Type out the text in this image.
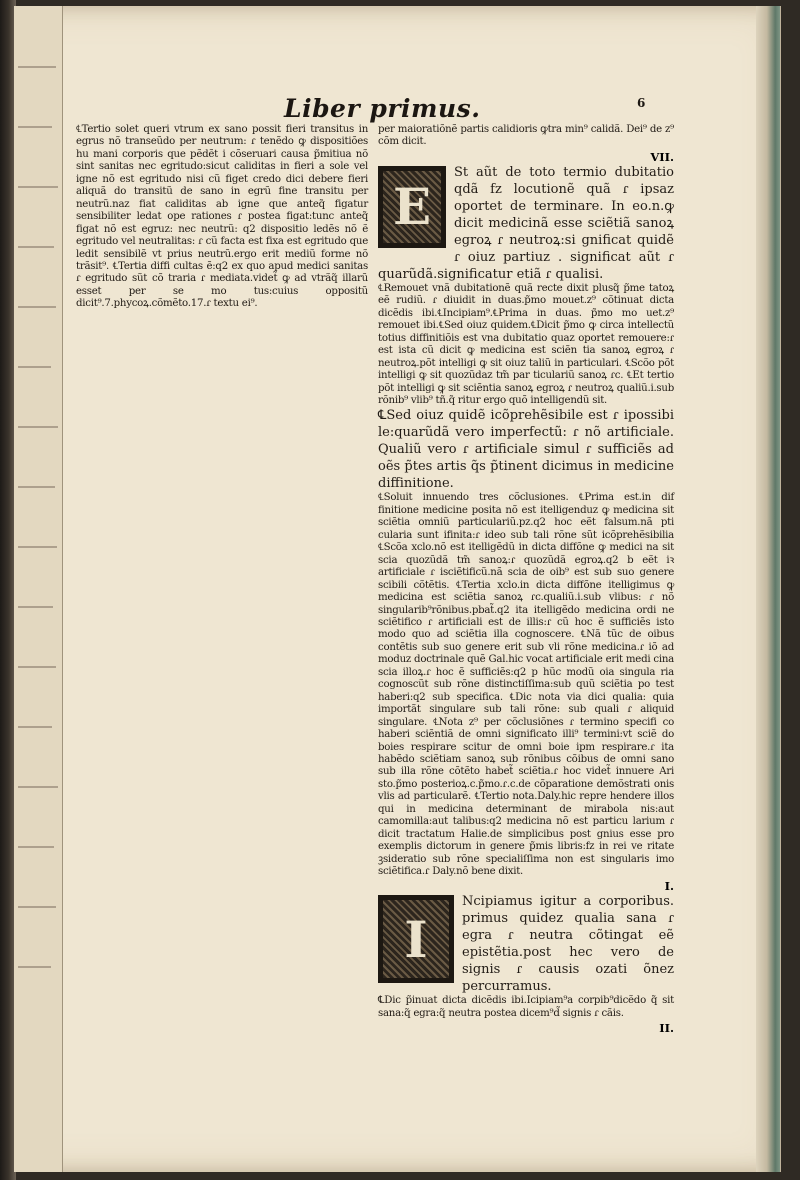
Liber primus.	6

℄Tertio solet queri vtrum ex sano possit fieri transitus in egrus nõ transeũdo per neutrum: ɾ tenẽdo ꝙ dispositiões hu mani corporis que pẽdẽt i cõseruari causa p̃mitiua nõ sint sanitas nec egritudo:sicut caliditas in fieri a sole vel igne nõ est egritudo nisi cũ figet credo dici debere fieri aliquã do transitũ de sano in egrũ fine transitu per neutrũ.naz fiat caliditas ab igne que anteq̃ figatur sensibiliter ledat ope rationes ɾ postea figat:tunc anteq̃ figat nõ est egruz: nec neutrũ: q2 dispositio ledẽs nõ ẽ egritudo vel neutralitas: ɾ cũ facta est fixa est egritudo que ledit sensibilẽ vt prius neutrũ.ergo erit mediũ forme nõ trãsit⁹. ℄Tertia diffi cultas ẽ:q2 ex quo apud medici sanitas ɾ egritudo sũt cõ traria ɾ mediata.videt̃ ꝙ ad vtrãq̃ illarũ esset per se mo tus:cuius oppositũ dicit⁹.7.phycoꝝ.cõmẽto.17.ɾ textu ei⁹.

per maioratiõnẽ partis calidioris ꝙtra min⁹ calidã. Dei⁹ de z⁹ cõm dicit.

VII.
E

St aũt de toto termio dubitatio qdã fz locutionẽ quã ɾ ipsaz oportet de terminare. In eo.n.ꝙ dicit medicinã esse sciẽtiã sanoꝝ egroꝝ ɾ neutroꝝ:si gnificat quidẽ ɾ oiuz partiuz . significat aũt ɾ quarũdã.significatur etiã ɾ qualisi.

℄Remouet vnã dubitationẽ quã recte dixit plusq̃ p̃me tatoꝝ eẽ rudiũ. ɾ diuidit in duas.p̃mo mouet.z⁹ cõtinuat dicta dicẽdis ibi.℄Incipiam⁹.℄Prima in duas. p̃mo mo uet.z⁹ remouet ibi.℄Sed oiuz quidem.℄Dicit p̃mo ꝙ circa intellectũ totius diffinitiõis est vna dubitatio quaz oportet remouere:ɾ est ista cũ dicit ꝙ medicina est sciẽn tia sanoꝝ egroꝝ ɾ neutroꝝ.põt intelligi ꝙ sit oiuz taliũ in particulari. ℄Scõo põt intelligi ꝙ sit quozũdaz tm̃ par ticulariũ sanoꝝ ɾc. ℄Et tertio põt intelligi ꝙ sit sciẽntia sanoꝝ egroꝝ ɾ neutroꝝ qualiũ.i.sub rõnib⁹ vlib⁹ tñ.q̃ ritur ergo quõ intelligendũ sit.

℄Sed oiuz quidẽ icõprehẽsibile est ɾ ipossibi le:quarũdã vero imperfectũ: ɾ nõ artificiale. Qualiũ vero ɾ artificiale simul ɾ sufficiẽs ad oẽs p̃tes artis q̃s p̃tinent dicimus in medicine diffinitione.

℄Soluit innuendo tres cõclusiones. ℄Prima est.in dif finitione medicine posita nõ est itelligenduz ꝙ medicina sit sciẽtia omniũ particulariũ.pz.q2 hoc eẽt falsum.nã pti cularia sunt ifinita:ɾ ideo sub tali rõne sũt icõprehẽsibilia ℄Scõa xclo.nõ est itelligẽdũ in dicta diffõne ꝙ medici na sit scia quozũdã tm̃ sanoꝝ:ɾ quozũdã egroꝝ.q2 b eẽt iꝛ artificiale ɾ isciẽtificũ.nã scia de oib⁹ est sub suo genere scibili cõtẽtis. ℄Tertia xclo.in dicta diffõne itelligimus ꝙ medicina est sciẽtia sanoꝝ ɾc.qualiũ.i.sub vlibus: ɾ nõ singularib⁹rõnibus.pbat̃.q2 ita itelligẽdo medicina ordi ne sciẽtifico ɾ artificiali est de illis:ɾ cũ hoc ẽ sufficiẽs isto modo quo ad sciẽtia illa cognoscere. ℄Nã tũc de oibus contẽtis sub suo genere erit sub vli rõne medicina.ɾ iõ ad moduz doctrinale quẽ Gal.hic vocat artificiale erit medi cina scia illoꝝ.ɾ hoc ẽ sufficiẽs:q2 p hũc modũ oia singula ria cognoscũt sub rõne distinctiſſima:sub quũ sciẽtia po test haberi:q2 sub specifica. ℄Dic nota via dici qualia: quia importãt singulare sub tali rõne: sub quali ɾ aliquid singulare. ℄Nota z⁹ per cõclusiõnes ɾ termino specifi co haberi sciẽntiã de omni significato illi⁹ termini:vt sciẽ do boies respirare scitur de omni boie ipm respirare.ɾ ita habẽdo sciẽtiam sanoꝝ sub rõnibus cõibus de omni sano sub illa rõne cõtẽto habet̃ sciẽtia.ɾ hoc videt̃ innuere Ari sto.p̃mo posterioꝝ.c.p̃mo.ɾ.c.de cõparatione demõstrati onis vlis ad particularẽ. ℄Tertio nota.Daly.hic repre hendere illos qui in medicina determinant de mirabola nis:aut camomilla:aut talibus:q2 medicina nõ est particu larium ɾ dicit tractatum Halie.de simplicibus post gnius esse pro exemplis dictorum in genere p̃mis libris:fz in rei ve ritate ꝫsideratio sub rõne specialiſſima non est singularis imo sciẽtifica.ɾ Daly.nõ bene dixit.

I.
I

Ncipiamus igitur a corporibus. primus quidez qualia sana ɾ egra ɾ neutra cõtingat eẽ epistẽtia.post hec vero de signis ɾ causis ozati õnez percurramus.

℄Dic p̃inuat dicta dicẽdis ibi.Icipiam⁹a corpib⁹dicẽdo q̃ sit sana:q̃ egra:q̃ neutra postea dicem⁹d̃ signis ɾ cãis.

II.
